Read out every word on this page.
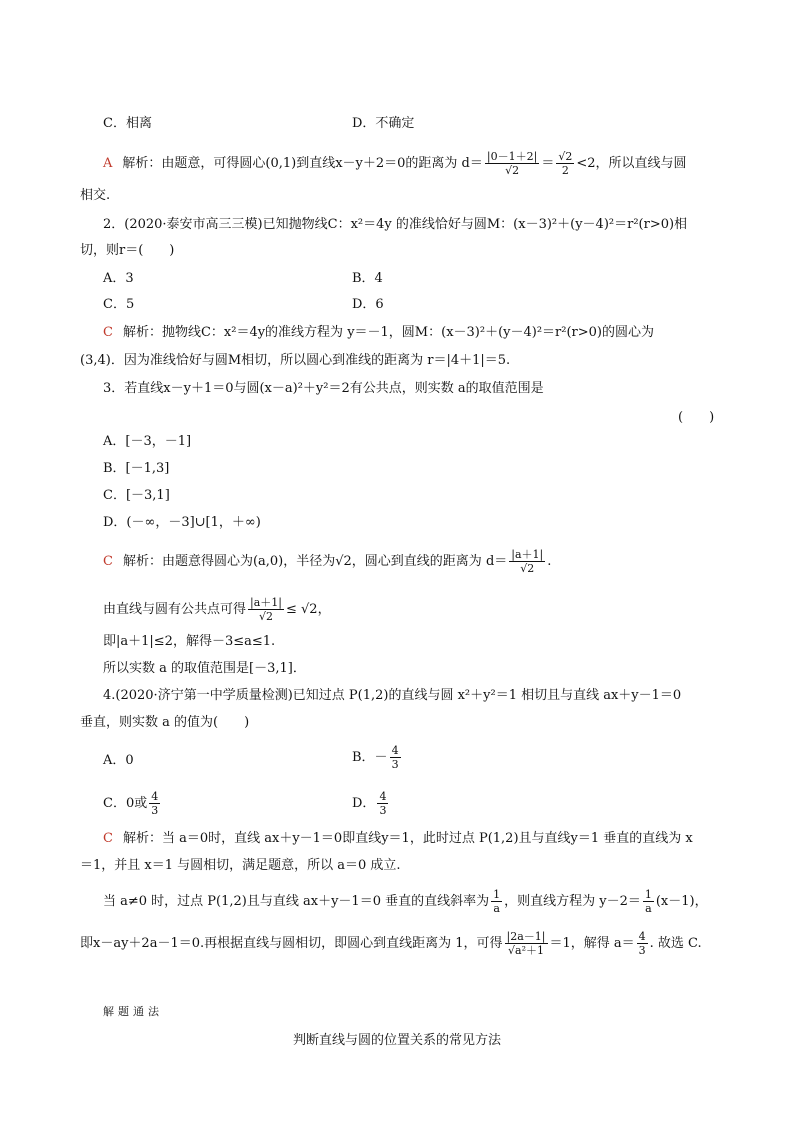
C．相离	D．不确定
A 解析：由题意，可得圆心(0,1)到直线x－y＋2＝0的距离为 $d= \frac{|0-1+2|}{√2} = \frac{√2}{2} <2$，所以直线与圆
相交.
2．(2020·泰安市高三三模)已知抛物线C：x²＝4y 的准线恰好与圆M：(x－3)²＋(y－4)²＝r²(r>0)相
切，则r＝(　　)
A．3	B．4
C．5	D．6
C 解析：抛物线C：x²＝4y的准线方程为 y＝－1，圆M：(x－3)²＋(y－4)²＝r²(r>0)的圆心为
(3,4)．因为准线恰好与圆M相切，所以圆心到准线的距离为 r＝|4＋1|＝5.
3．若直线x－y＋1＝0与圆(x－a)²＋y²＝2有公共点，则实数 a的取值范围是
(　　)
A．[－3，－1]
B．[－1,3]
C．[－3,1]
D．(－∞，－3]∪[1，＋∞)
C 解析：由题意得圆心为(a,0)，半径为√2，圆心到直线的距离为 $d= \frac{|a+1|}{√2}$ .
由直线与圆有公共点可得 $\frac{|a+1|}{√2} \le √2$，
即|a＋1|≤2，解得－3≤a≤1.
所以实数 a 的取值范围是[－3,1]．
4.(2020·济宁第一中学质量检测)已知过点 P(1,2)的直线与圆 x²＋y²＝1 相切且与直线 ax＋y－1＝0
垂直，则实数 a 的值为(　　)
A．0	B．－ $\frac{4}{3}$
C．0或 $\frac{4}{3}$	D． $\frac{4}{3}$
C 解析：当 a＝0时，直线 ax＋y－1＝0即直线y＝1，此时过点 P(1,2)且与直线y＝1 垂直的直线为 x
＝1，并且 x＝1 与圆相切，满足题意，所以 a＝0 成立.
当 a≠0 时，过点 P(1,2)且与直线 ax＋y－1＝0 垂直的直线斜率为 $\frac{1}{a}$ ，则直线方程为 $y-2= \frac{1}{a} (x-1)$，
即x－ay＋2a－1＝0.再根据直线与圆相切，即圆心到直线距离为 1，可得 $\frac{|2a-1|}{\text{√a²＋1}} =1$，解得 $a= \frac{4}{3}$ . 故选 C.
解题通法
判断直线与圆的位置关系的常见方法
